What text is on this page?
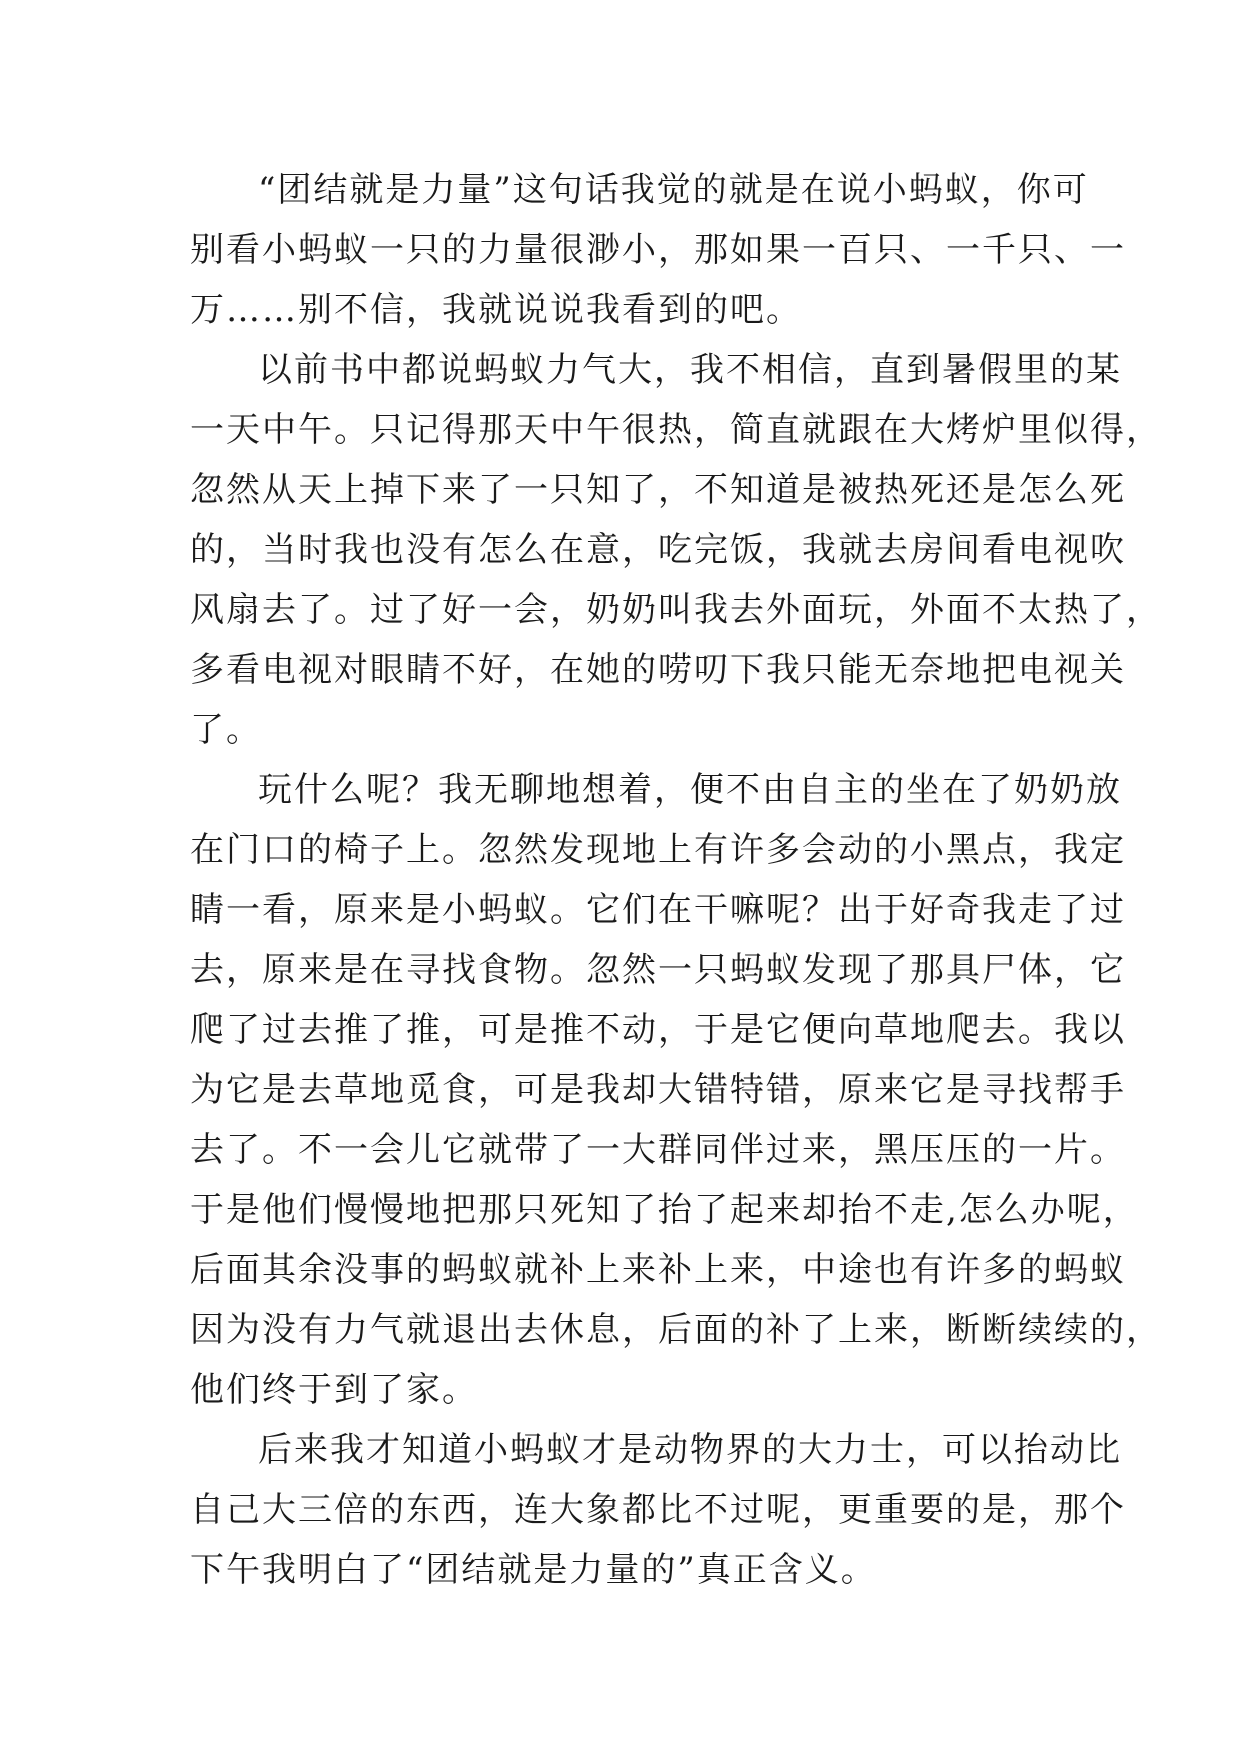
“团结就是力量”这句话我觉的就是在说小蚂蚁，你可
别看小蚂蚁一只的力量很渺小，那如果一百只、一千只、一
万……别不信，我就说说我看到的吧。
以前书中都说蚂蚁力气大，我不相信，直到暑假里的某
一天中午。只记得那天中午很热，简直就跟在大烤炉里似得，
忽然从天上掉下来了一只知了，不知道是被热死还是怎么死
的，当时我也没有怎么在意，吃完饭，我就去房间看电视吹
风扇去了。过了好一会，奶奶叫我去外面玩，外面不太热了，
多看电视对眼睛不好，在她的唠叨下我只能无奈地把电视关
了。
玩什么呢？我无聊地想着，便不由自主的坐在了奶奶放
在门口的椅子上。忽然发现地上有许多会动的小黑点，我定
睛一看，原来是小蚂蚁。它们在干嘛呢？出于好奇我走了过
去，原来是在寻找食物。忽然一只蚂蚁发现了那具尸体，它
爬了过去推了推，可是推不动，于是它便向草地爬去。我以
为它是去草地觅食，可是我却大错特错，原来它是寻找帮手
去了。不一会儿它就带了一大群同伴过来，黑压压的一片。
于是他们慢慢地把那只死知了抬了起来却抬不走,怎么办呢，
后面其余没事的蚂蚁就补上来补上来，中途也有许多的蚂蚁
因为没有力气就退出去休息，后面的补了上来，断断续续的，
他们终于到了家。
后来我才知道小蚂蚁才是动物界的大力士，可以抬动比
自己大三倍的东西，连大象都比不过呢，更重要的是，那个
下午我明白了“团结就是力量的”真正含义。
